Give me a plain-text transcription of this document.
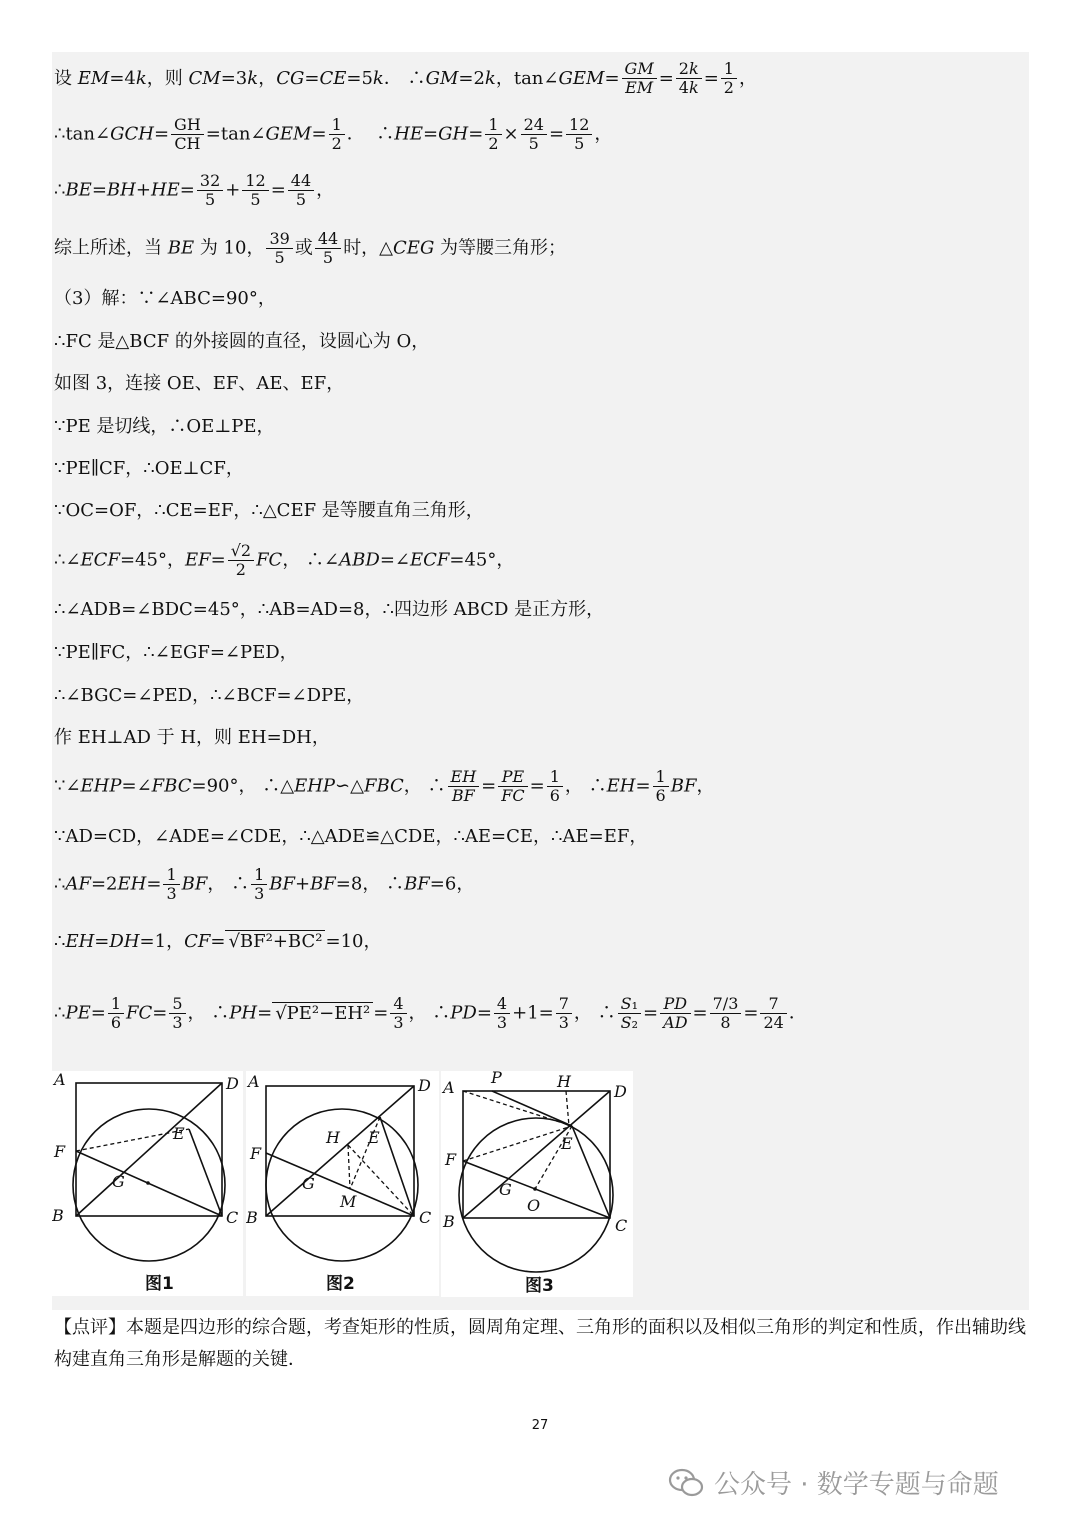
设 EM=4k，则 CM=3k，CG=CE=5k． ∴GM=2k，tan∠GEM= $\frac{GM}{EM} = \frac{2k}{4k} = \frac{1}{2}$ ，
∴tan∠GCH= $\frac{GH}{CH}$ =tan∠GEM= $\frac{1}{2}$ ．  ∴HE=GH= $\frac{1}{2} \times \frac{24}{5} = \frac{12}{5}$ ，
∴BE=BH+HE= $\frac{32}{5} + \frac{12}{5} = \frac{44}{5}$ ，
综上所述，当 BE 为 10， $\frac{39}{5}$ 或 $\frac{44}{5}$ 时，△CEG 为等腰三角形；
（3）解：∵∠ABC=90°，
∴FC 是△BCF 的外接圆的直径，设圆心为 O，
如图 3，连接 OE、EF、AE、EF，
∵PE 是切线，∴OE⊥PE，
∵PE∥CF，∴OE⊥CF，
∵OC=OF，∴CE=EF，∴△CEF 是等腰直角三角形，
∴∠ECF=45°，$EF= \frac{√2}{2}$ FC， ∴∠ABD=∠ECF=45°，
∴∠ADB=∠BDC=45°，∴AB=AD=8，∴四边形 ABCD 是正方形，
∵PE∥FC，∴∠EGF=∠PED，
∴∠BGC=∠PED，∴∠BCF=∠DPE，
作 EH⊥AD 于 H，则 EH=DH，
∵∠EHP=∠FBC=90°， ∴△EHP∽△FBC， ∴ $\frac{EH}{BF} = \frac{PE}{FC} = \frac{1}{6}$ ， ∴EH= $\frac{1}{6}$ BF，
∵AD=CD，∠ADE=∠CDE，∴△ADE≌△CDE，∴AE=CE，∴AE=EF，
∴AF=2EH= $\frac{1}{3}$ BF， ∴ $\frac{1}{3} BF+BF=8$， ∴BF=6，
∴EH=DH=1，CF= √BF²+BC² =10，
∴PE= $\frac{1}{6} FC= \frac{5}{3}$ ， ∴PH= $√PE^2-EH^2 = \frac{4}{3}$ ， ∴PD= $\frac{4}{3} +1= \frac{7}{3}$ ， ∴ $\frac{\text{S₁}}{\text{S₂}} = \frac{PD}{AD} = \frac{7/3}{8} = \frac{7}{24}$ ．
A	D
F
E
G
B	C
图1
A	D
H E
F
G
M
B	C
图2
A
P	H
D
E
F
G
O
B	C
图3
【点评】本题是四边形的综合题，考查矩形的性质，圆周角定理、三角形的面积以及相似三角形的判定和性质，作出辅助线构建直角三角形是解题的关键．
27
公众号 · 数学专题与命题
